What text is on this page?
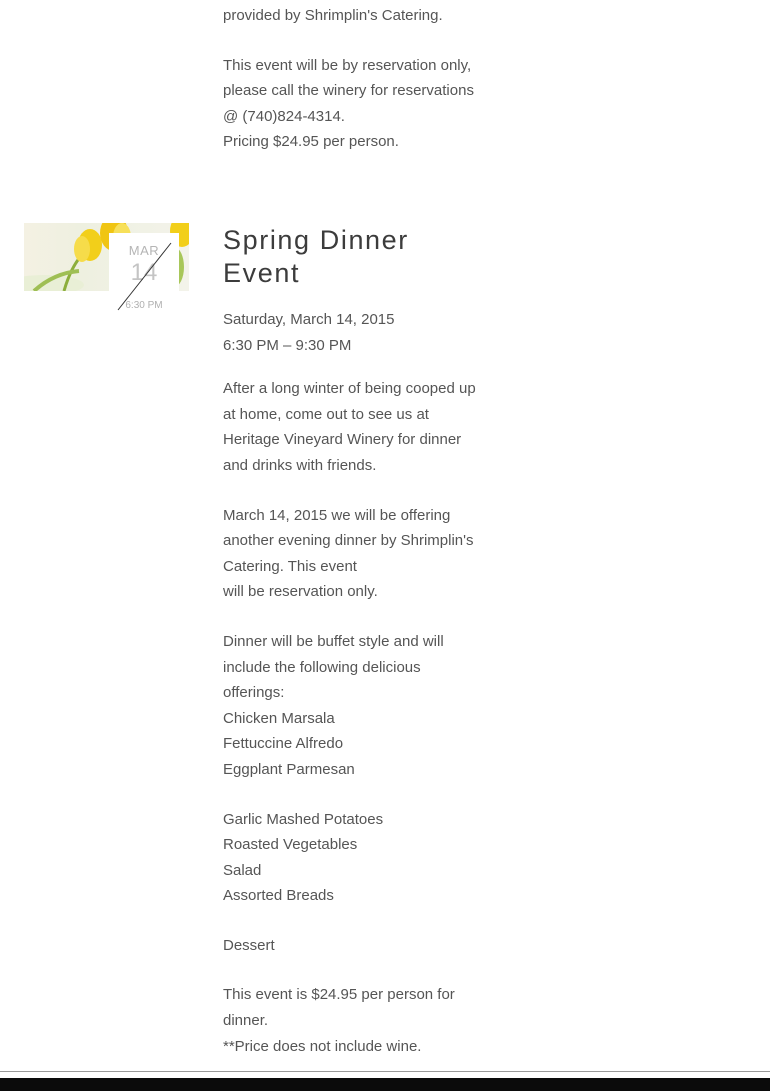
provided by Shrimplin's Catering.
This event will be by reservation only,
please call the winery for reservations
@ (740)824-4314.
Pricing $24.95 per person.
MAR
14
6:30 PM
Spring Dinner
Event
Saturday, March 14, 2015
6:30 PM – 9:30 PM
After a long winter of being cooped up
at home, come out to see us at
Heritage Vineyard Winery for dinner
and drinks with friends.
March 14, 2015 we will be offering
another evening dinner by Shrimplin's
Catering. This event
will be reservation only.
Dinner will be buffet style and will
include the following delicious
offerings:
Chicken Marsala
Fettuccine Alfredo
Eggplant Parmesan
Garlic Mashed Potatoes
Roasted Vegetables
Salad
Assorted Breads
Dessert
This event is $24.95 per person for
dinner.
**Price does not include wine.
